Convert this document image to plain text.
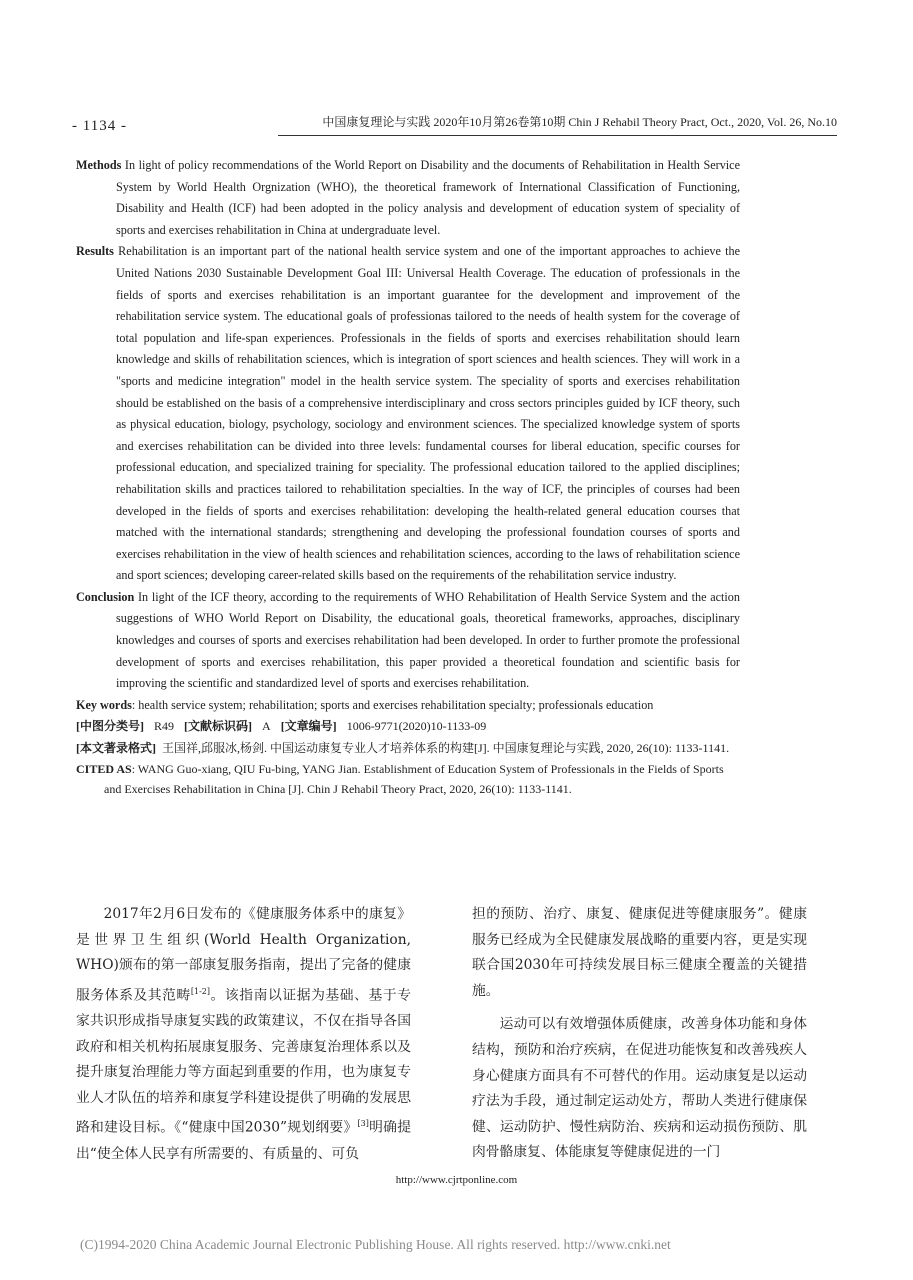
- 1134 -	中国康复理论与实践 2020年10月第26卷第10期 Chin J Rehabil Theory Pract, Oct., 2020, Vol. 26, No.10

Methods In light of policy recommendations of the World Report on Disability and the documents of Rehabilitation in Health Service System by World Health Orgnization (WHO), the theoretical framework of International Classification of Functioning, Disability and Health (ICF) had been adopted in the policy analysis and development of education system of speciality of sports and exercises rehabilitation in China at undergraduate level.

Results Rehabilitation is an important part of the national health service system and one of the important approaches to achieve the United Nations 2030 Sustainable Development Goal III: Universal Health Coverage. The education of professionals in the fields of sports and exercises rehabilitation is an important guarantee for the development and improvement of the rehabilitation service system. The educational goals of professionas tailored to the needs of health system for the coverage of total population and life-span experiences. Professionals in the fields of sports and exercises rehabilitation should learn knowledge and skills of rehabilitation sciences, which is integration of sport sciences and health sciences. They will work in a "sports and medicine integration" model in the health service system. The speciality of sports and exercises rehabilitation should be established on the basis of a comprehensive interdisciplinary and cross sectors principles guided by ICF theory, such as physical education, biology, psychology, sociology and environment sciences. The specialized knowledge system of sports and exercises rehabilitation can be divided into three levels: fundamental courses for liberal education, specific courses for professional education, and specialized training for speciality. The professional education tailored to the applied disciplines; rehabilitation skills and practices tailored to rehabilitation specialties. In the way of ICF, the principles of courses had been developed in the fields of sports and exercises rehabilitation: developing the health-related general education courses that matched with the international standards; strengthening and developing the professional foundation courses of sports and exercises rehabilitation in the view of health sciences and rehabilitation sciences, according to the laws of rehabilitation science and sport sciences; developing career-related skills based on the requirements of the rehabilitation service industry.

Conclusion In light of the ICF theory, according to the requirements of WHO Rehabilitation of Health Service System and the action suggestions of WHO World Report on Disability, the educational goals, theoretical frameworks, approaches, disciplinary knowledges and courses of sports and exercises rehabilitation had been developed. In order to further promote the professional development of sports and exercises rehabilitation, this paper provided a theoretical foundation and scientific basis for improving the scientific and standardized level of sports and exercises rehabilitation.

Key words: health service system; rehabilitation; sports and exercises rehabilitation specialty; professionals education

[中图分类号] R49 [文献标识码] A [文章编号] 1006-9771(2020)10-1133-09

[本文著录格式] 王国祥,邱服冰,杨剑. 中国运动康复专业人才培养体系的构建[J]. 中国康复理论与实践, 2020, 26(10): 1133-1141.

CITED AS: WANG Guo-xiang, QIU Fu-bing, YANG Jian. Establishment of Education System of Professionals in the Fields of Sports and Exercises Rehabilitation in China [J]. Chin J Rehabil Theory Pract, 2020, 26(10): 1133-1141.

2017年2月6日发布的《健康服务体系中的康复》是世界卫生组织(World Health Organization, WHO)颁布的第一部康复服务指南，提出了完备的健康服务体系及其范畴[1-2]。该指南以证据为基础、基于专家共识形成指导康复实践的政策建议，不仅在指导各国政府和相关机构拓展康复服务、完善康复治理体系以及提升康复治理能力等方面起到重要的作用，也为康复专业人才队伍的培养和康复学科建设提供了明确的发展思路和建设目标。《“健康中国2030”规划纲要》[3]明确提出“使全体人民享有所需要的、有质量的、可负

担的预防、治疗、康复、健康促进等健康服务”。健康服务已经成为全民健康发展战略的重要内容，更是实现联合国2030年可持续发展目标三健康全覆盖的关键措施。

运动可以有效增强体质健康，改善身体功能和身体结构，预防和治疗疾病，在促进功能恢复和改善残疾人身心健康方面具有不可替代的作用。运动康复是以运动疗法为手段，通过制定运动处方，帮助人类进行健康保健、运动防护、慢性病防治、疾病和运动损伤预防、肌肉骨骼康复、体能康复等健康促进的一门

http://www.cjrtponline.com
(C)1994-2020 China Academic Journal Electronic Publishing House. All rights reserved. http://www.cnki.net
